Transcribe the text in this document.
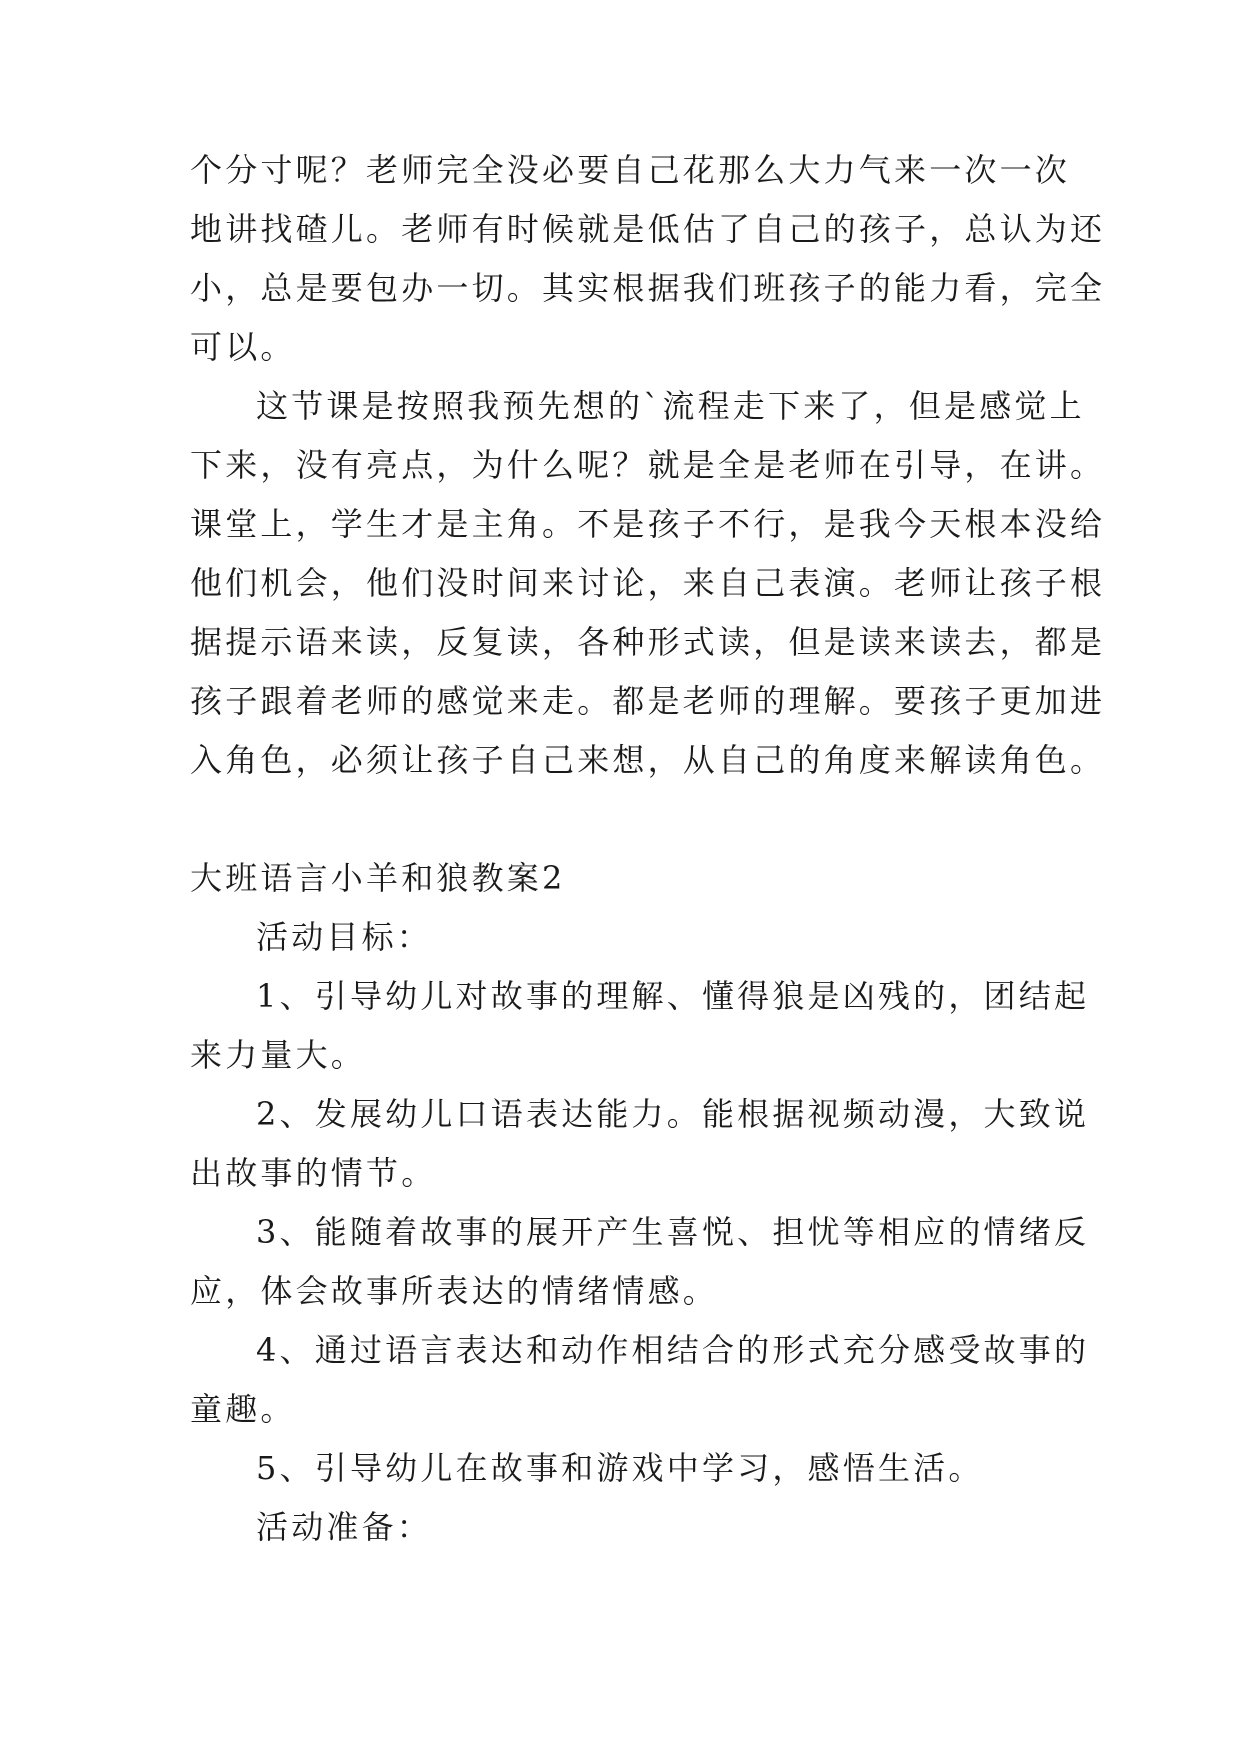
个分寸呢？老师完全没必要自己花那么大力气来一次一次
地讲找碴儿。老师有时候就是低估了自己的孩子，总认为还
小，总是要包办一切。其实根据我们班孩子的能力看，完全
可以。
这节课是按照我预先想的`流程走下来了，但是感觉上
下来，没有亮点，为什么呢？就是全是老师在引导，在讲。
课堂上，学生才是主角。不是孩子不行，是我今天根本没给
他们机会，他们没时间来讨论，来自己表演。老师让孩子根
据提示语来读，反复读，各种形式读，但是读来读去，都是
孩子跟着老师的感觉来走。都是老师的理解。要孩子更加进
入角色，必须让孩子自己来想，从自己的角度来解读角色。
大班语言小羊和狼教案2
活动目标：
1、引导幼儿对故事的理解、懂得狼是凶残的，团结起
来力量大。
2、发展幼儿口语表达能力。能根据视频动漫，大致说
出故事的情节。
3、能随着故事的展开产生喜悦、担忧等相应的情绪反
应，体会故事所表达的情绪情感。
4、通过语言表达和动作相结合的形式充分感受故事的
童趣。
5、引导幼儿在故事和游戏中学习，感悟生活。
活动准备：
